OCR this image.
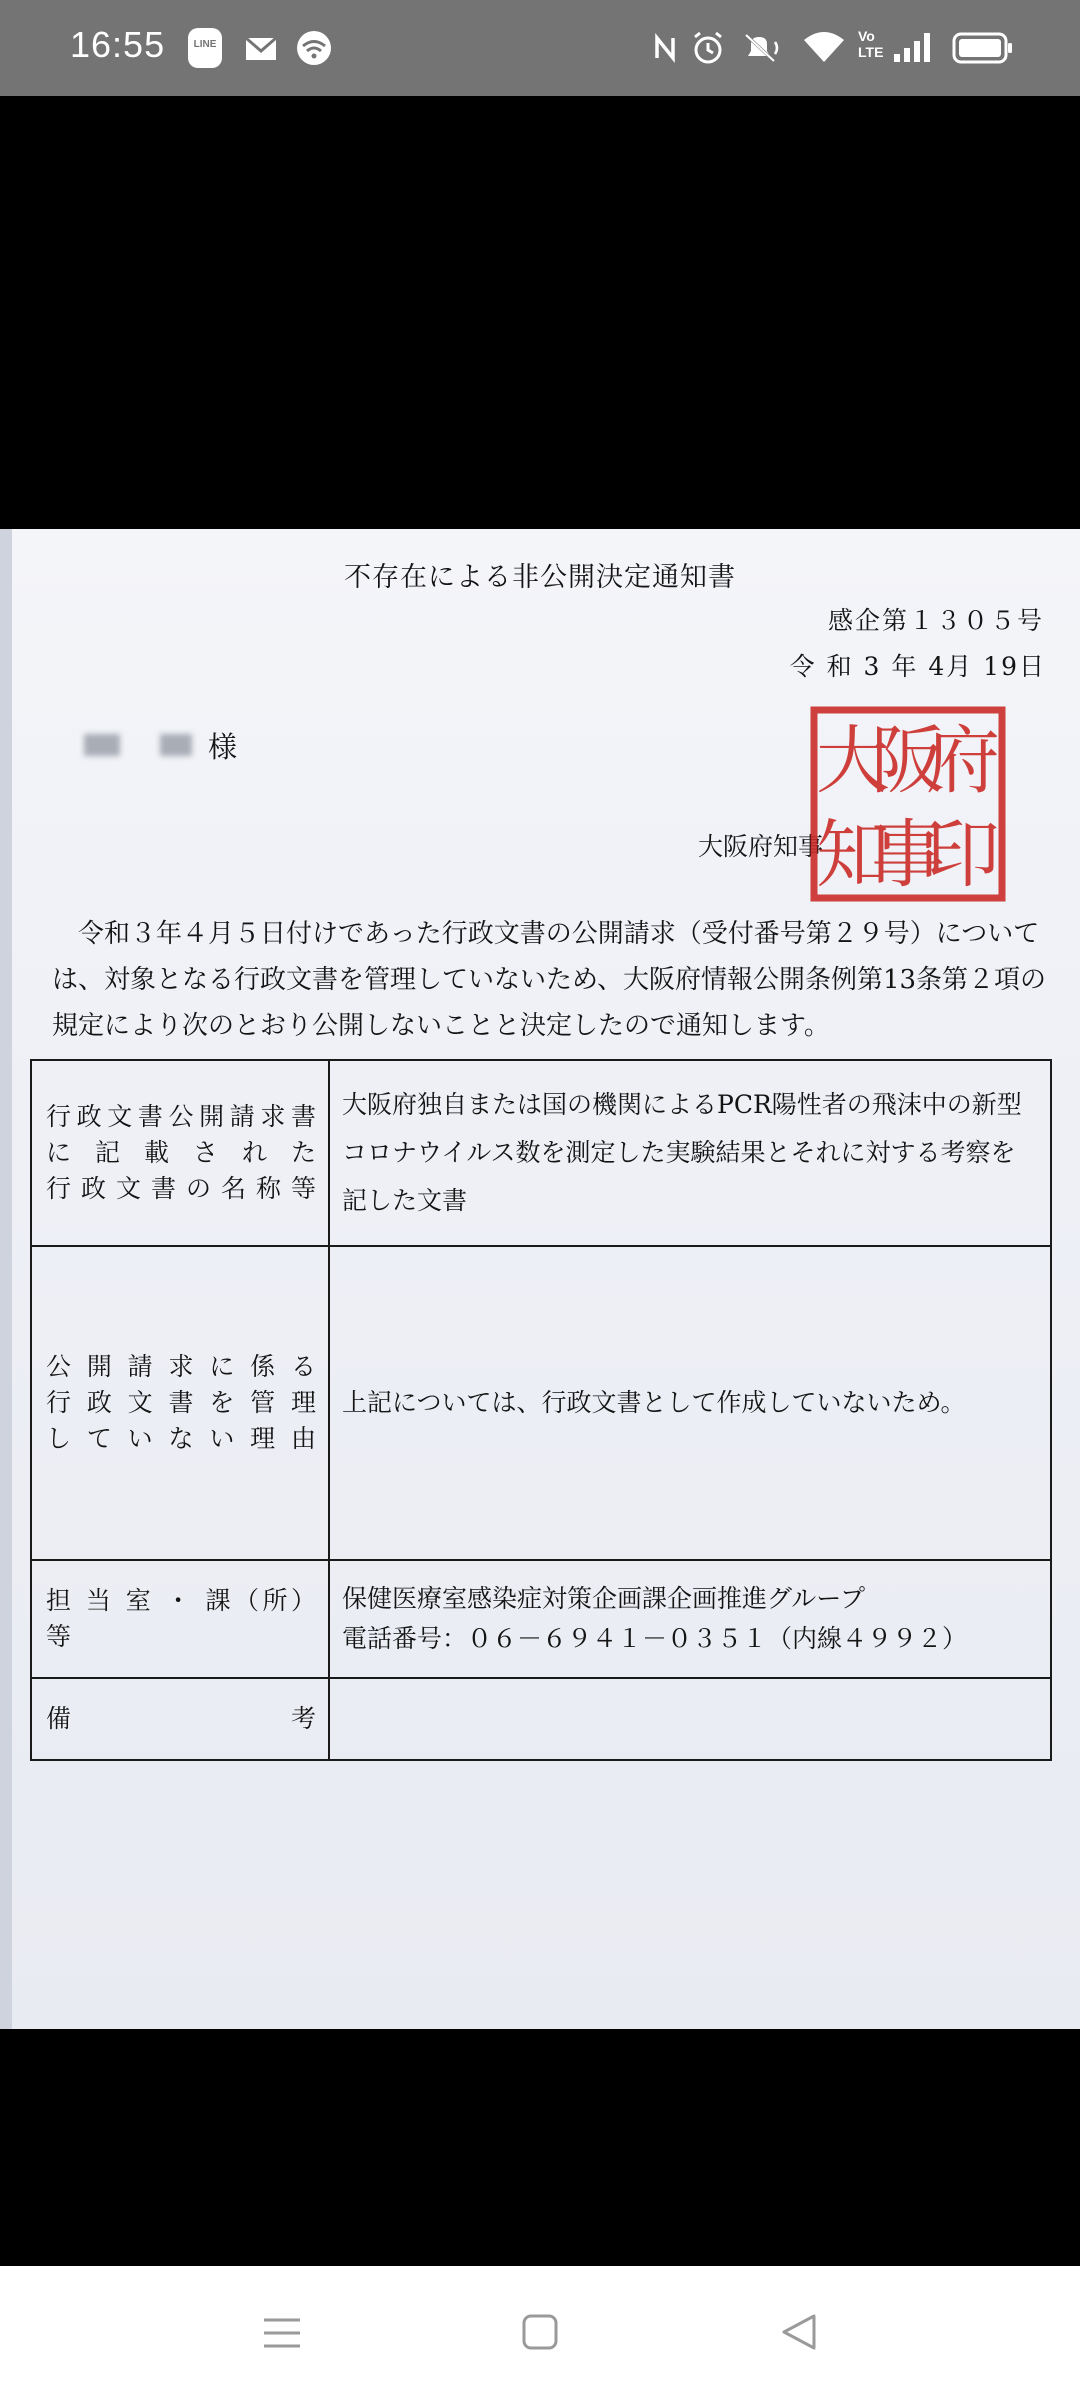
16:55	LINE
Vo LTE
不存在による非公開決定通知書
感企第１３０５号
令 和 3 年 4月 19日
様
大阪府知事
府
阪
大
印
事
知

令和３年４月５日付けであった行政文書の公開請求（受付番号第２９号）については、対象となる行政文書を管理していないため、大阪府情報公開条例第13条第２項の規定により次のとおり公開しないことと決定したので通知します。

行政文書公開請求書
に 記 載 さ れ た
行政文書の名称等	大阪府独自または国の機関によるPCR陽性者の飛沫中の新型コロナウイルス数を測定した実験結果とそれに対する考察を記した文書

公 開 請 求 に 係 る
行 政 文 書 を 管 理
し て い な い 理 由	上記については、行政文書として作成していないため。
担 当 室 ・ 課（所）等	保健医療室感染症対策企画課企画推進グループ
電話番号：０６－６９４１－０３５１（内線４９９２）

備 考	
